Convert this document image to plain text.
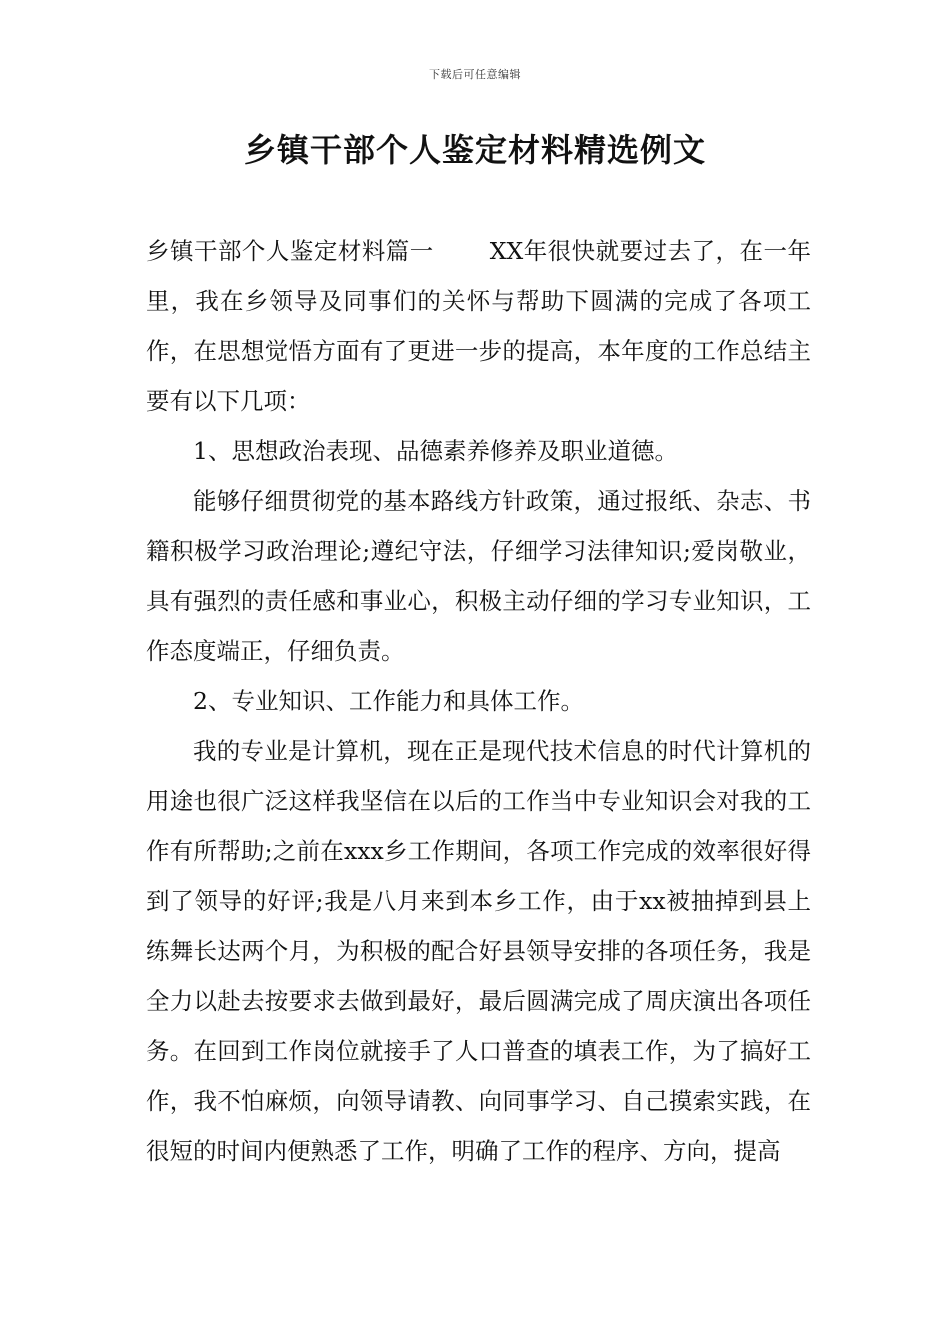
下载后可任意编辑
乡镇干部个人鉴定材料精选例文

乡镇干部个人鉴定材料篇一 XX年很快就要过去了，在一年里，我在乡领导及同事们的关怀与帮助下圆满的完成了各项工作，在思想觉悟方面有了更进一步的提高，本年度的工作总结主要有以下几项：

1、思想政治表现、品德素养修养及职业道德。

能够仔细贯彻党的基本路线方针政策，通过报纸、杂志、书籍积极学习政治理论;遵纪守法，仔细学习法律知识;爱岗敬业，具有强烈的责任感和事业心，积极主动仔细的学习专业知识，工作态度端正，仔细负责。

2、专业知识、工作能力和具体工作。

我的专业是计算机，现在正是现代技术信息的时代计算机的用途也很广泛这样我坚信在以后的工作当中专业知识会对我的工作有所帮助;之前在xxx乡工作期间，各项工作完成的效率很好得到了领导的好评;我是八月来到本乡工作，由于xx被抽掉到县上练舞长达两个月，为积极的配合好县领导安排的各项任务，我是全力以赴去按要求去做到最好，最后圆满完成了周庆演出各项任务。在回到工作岗位就接手了人口普查的填表工作，为了搞好工作，我不怕麻烦，向领导请教、向同事学习、自己摸索实践，在很短的时间内便熟悉了工作，明确了工作的程序、方向，提高
